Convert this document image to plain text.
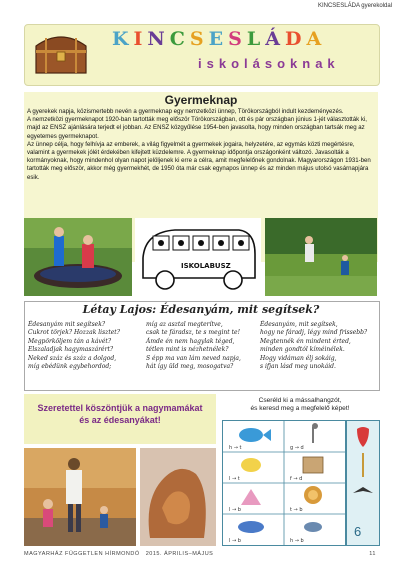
KINCSESLÁDA gyerekoldal
KINCSESLÁDA
iskolásoknak
Gyermeknap

A gyerekek napja, közismertebb nevén a gyermeknap egy nemzetközi ünnep, Törökországból indult kezdeményezés.

A nemzetközi gyermeknapot 1920-ban tartották meg először Törökországban, ott és pár országban június 1-jét választották ki, majd az ENSZ ajánlására terjedt el jobban. Az ENSZ közgyűlése 1954-ben javasolta, hogy minden országban tartsák meg az egyetemes gyermeknapot.

Az ünnep célja, hogy felhívja az emberek, a világ figyelmét a gyermekek jogaira, helyzetére, az egymás közti megértésre, valamint a gyermekek jólét érdekében kifejtett küzdelemre. A gyermeknap időpontja országonként változó. Javasolták a kormányoknak, hogy mindenhol olyan napot jelöljenek ki erre a célra, amit megfelelőnek gondolnak. Magyarországon 1931-ben tartották meg először, akkor még gyermekhét, de 1950 óta már csak egynapos ünnep és az minden május utolsó vasárnapjára esik.

ISKOLABUSZ
Létay Lajos: Édesanyám, mit segítsek?
Édesanyám mit segítsek?
Cukrot törjek? Hozzak lisztet?
Megpörköljem tán a kávét?
Elszaladjak hagymaszárért?
Neked száz és száz a dolgod,
míg ebédünk egybehordod;
míg az asztal megterítve,
csak te fáradsz, te s megint te!
Ámde én nem hagylak téged,
tétlen mint is nézhetnélek?
S épp ma van lám neved napja,
hát így üld meg, mosogatva?
Édesanyám, mit segítsek,
hogy ne fáradj, légy mind frissebb?
Megtennék én mindent érted,
minden gondtól kíméinélek.
Hogy vidáman élj sokáig,
s ifjan lásd meg unokáid.
Szeretettel köszöntjük a nagymamákat
és az édesanyákat!
Cseréld ki a mássalhangzót,
és keresd meg a megfelelő képet!
h → t	g → d
l → t	f → d
l → b	t → b
l → b	h → b
6
MAGYARHÁZ FÜGGETLEN HÍRMONDÓ 2015. ÁPRILIS–MÁJUS	11
